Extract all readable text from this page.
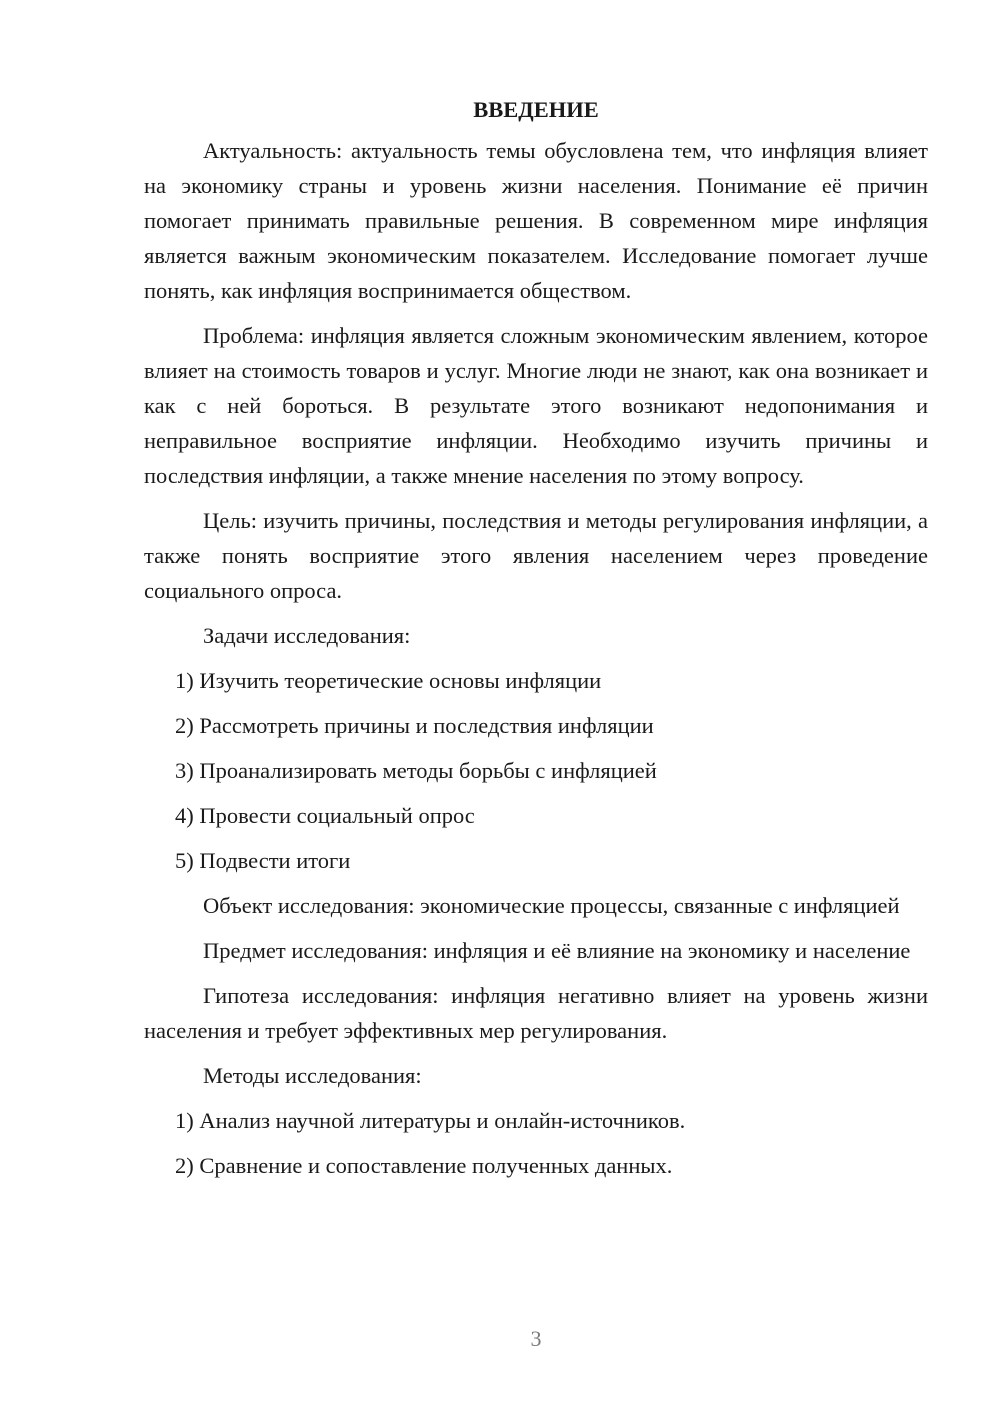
ВВЕДЕНИЕ

Актуальность: актуальность темы обусловлена тем, что инфляция влияет на экономику страны и уровень жизни населения. Понимание её причин помогает принимать правильные решения. В современном мире инфляция является важным экономическим показателем. Исследование помогает лучше понять, как инфляция воспринимается обществом.

Проблема: инфляция является сложным экономическим явлением, которое влияет на стоимость товаров и услуг. Многие люди не знают, как она возникает и как с ней бороться. В результате этого возникают недопонимания и неправильное восприятие инфляции. Необходимо изучить причины и последствия инфляции, а также мнение населения по этому вопросу.

Цель: изучить причины, последствия и методы регулирования инфляции, а также понять восприятие этого явления населением через проведение социального опроса.

Задачи исследования:

1) Изучить теоретические основы инфляции
2) Рассмотреть причины и последствия инфляции
3) Проанализировать методы борьбы с инфляцией
4) Провести социальный опрос
5) Подвести итоги

Объект исследования: экономические процессы, связанные с инфляцией

Предмет исследования: инфляция и её влияние на экономику и население

Гипотеза исследования: инфляция негативно влияет на уровень жизни населения и требует эффективных мер регулирования.

Методы исследования:

1) Анализ научной литературы и онлайн-источников.
2) Сравнение и сопоставление полученных данных.
3
